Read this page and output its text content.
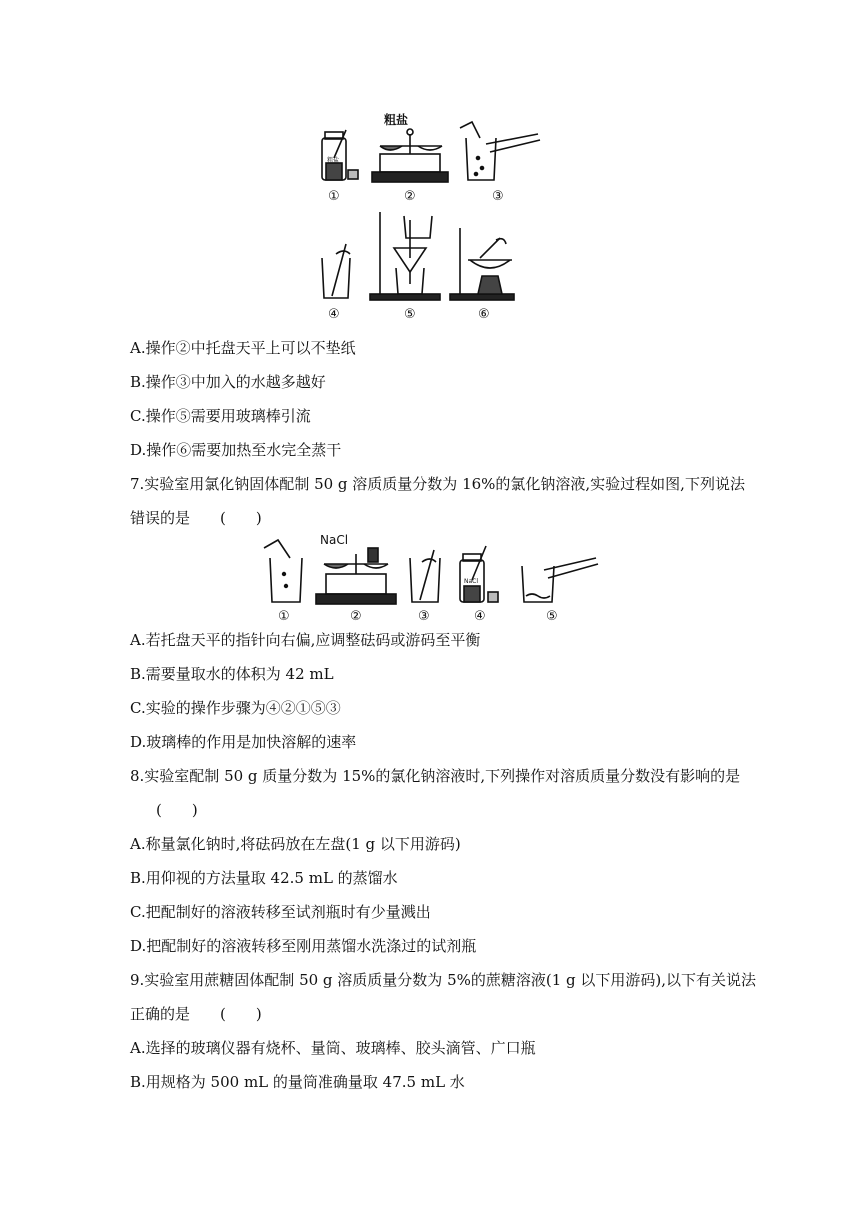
粗盐
粗盐
①	②	③
④	⑤	⑥
A.操作②中托盘天平上可以不垫纸
B.操作③中加入的水越多越好
C.操作⑤需要用玻璃棒引流
D.操作⑥需要加热至水完全蒸干
7.实验室用氯化钠固体配制 50 g 溶质质量分数为 16%的氯化钠溶液,实验过程如图,下列说法
错误的是　　(　　)
NaCl
NaCl
①	②	③	④	⑤
A.若托盘天平的指针向右偏,应调整砝码或游码至平衡
B.需要量取水的体积为 42 mL
C.实验的操作步骤为④②①⑤③
D.玻璃棒的作用是加快溶解的速率
8.实验室配制 50 g 质量分数为 15%的氯化钠溶液时,下列操作对溶质质量分数没有影响的是
(　　)
A.称量氯化钠时,将砝码放在左盘(1 g 以下用游码)
B.用仰视的方法量取 42.5 mL 的蒸馏水
C.把配制好的溶液转移至试剂瓶时有少量溅出
D.把配制好的溶液转移至刚用蒸馏水洗涤过的试剂瓶
9.实验室用蔗糖固体配制 50 g 溶质质量分数为 5%的蔗糖溶液(1 g 以下用游码),以下有关说法
正确的是　　(　　)
A.选择的玻璃仪器有烧杯、量筒、玻璃棒、胶头滴管、广口瓶
B.用规格为 500 mL 的量筒准确量取 47.5 mL 水
